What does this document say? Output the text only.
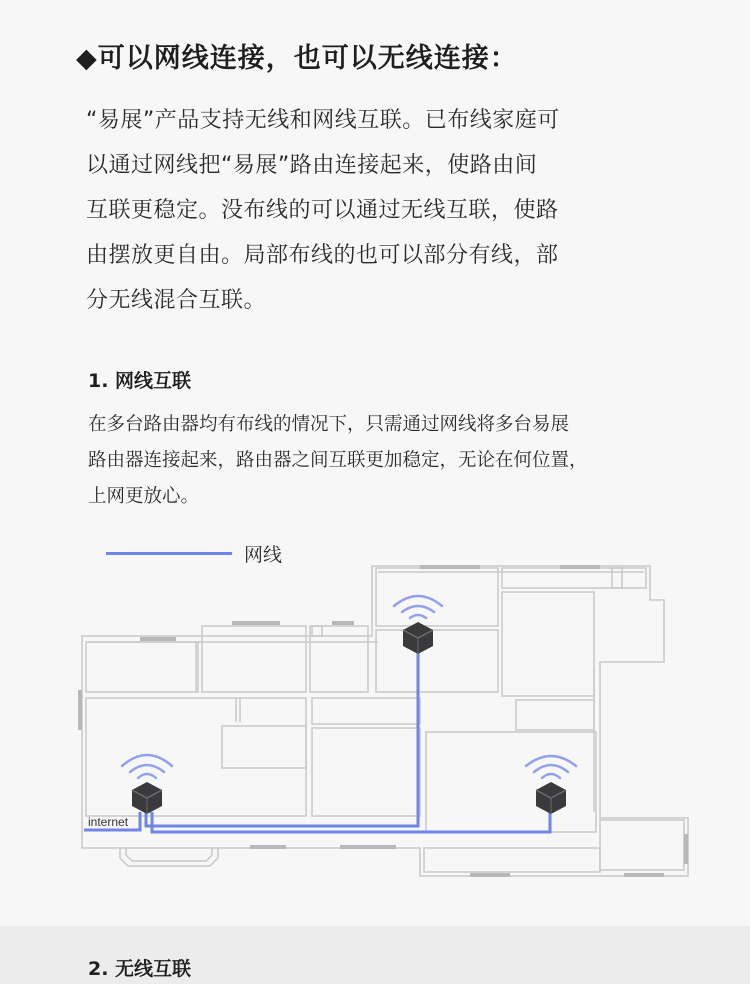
◆可以网线连接，也可以无线连接：
“易展”产品支持无线和网线互联。已布线家庭可
以通过网线把“易展”路由连接起来，使路由间
互联更稳定。没布线的可以通过无线互联，使路
由摆放更自由。局部布线的也可以部分有线，部
分无线混合互联。
1. 网线互联
在多台路由器均有布线的情况下，只需通过网线将多台易展
路由器连接起来，路由器之间互联更加稳定，无论在何位置，
上网更放心。
网线
internet
2. 无线互联
